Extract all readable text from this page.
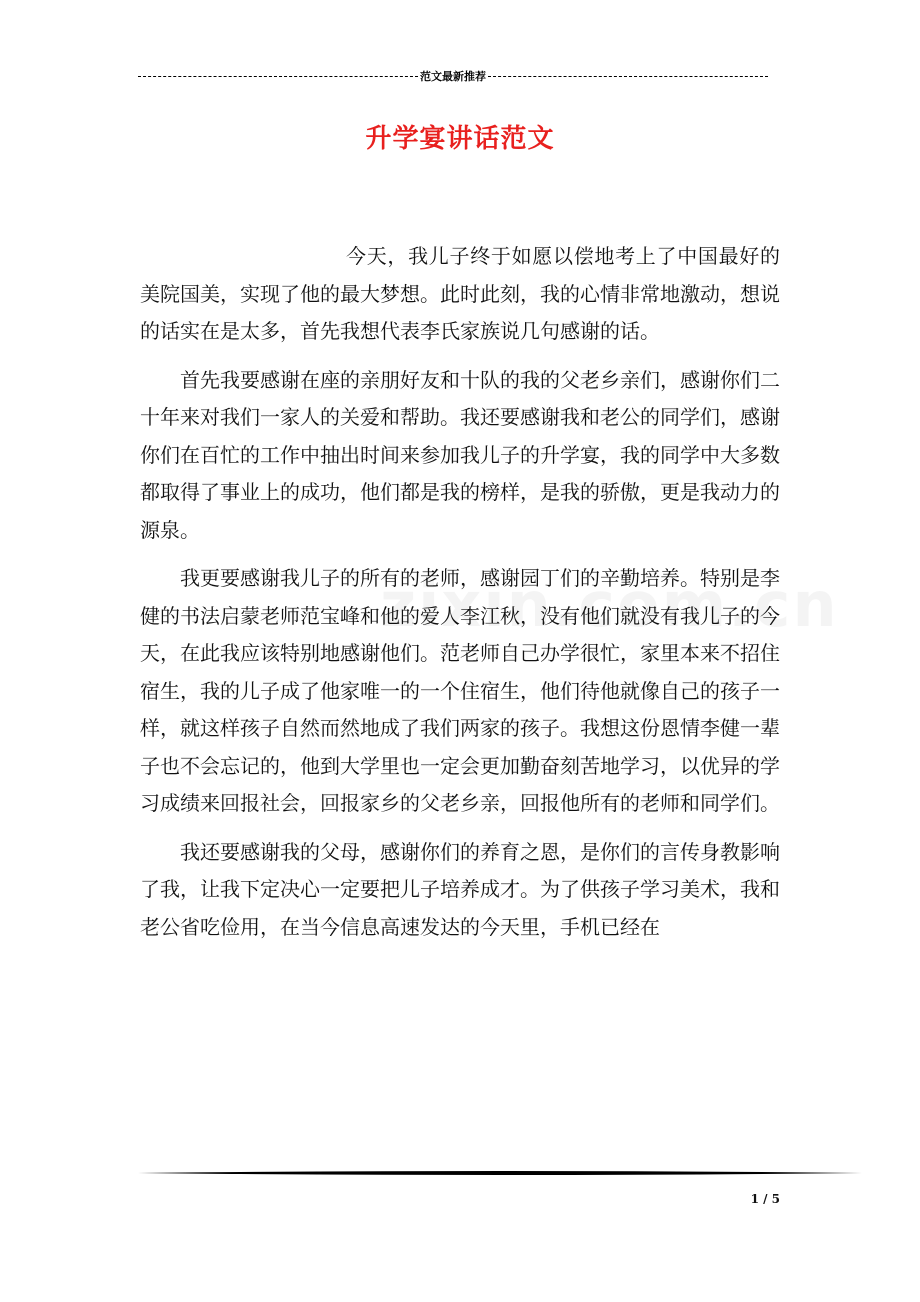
范文最新推荐
升学宴讲话范文

今天，我儿子终于如愿以偿地考上了中国最好的美院国美，实现了他的最大梦想。此时此刻，我的心情非常地激动，想说的话实在是太多，首先我想代表李氏家族说几句感谢的话。

首先我要感谢在座的亲朋好友和十队的我的父老乡亲们，感谢你们二十年来对我们一家人的关爱和帮助。我还要感谢我和老公的同学们，感谢你们在百忙的工作中抽出时间来参加我儿子的升学宴，我的同学中大多数都取得了事业上的成功，他们都是我的榜样，是我的骄傲，更是我动力的源泉。

我更要感谢我儿子的所有的老师，感谢园丁们的辛勤培养。特别是李健的书法启蒙老师范宝峰和他的爱人李江秋，没有他们就没有我儿子的今天，在此我应该特别地感谢他们。范老师自己办学很忙，家里本来不招住宿生，我的儿子成了他家唯一的一个住宿生，他们待他就像自己的孩子一样，就这样孩子自然而然地成了我们两家的孩子。我想这份恩情李健一辈子也不会忘记的，他到大学里也一定会更加勤奋刻苦地学习，以优异的学习成绩来回报社会，回报家乡的父老乡亲，回报他所有的老师和同学们。

我还要感谢我的父母，感谢你们的养育之恩，是你们的言传身教影响了我，让我下定决心一定要把儿子培养成才。为了供孩子学习美术，我和老公省吃俭用，在当今信息高速发达的今天里，手机已经在

1 / 5
